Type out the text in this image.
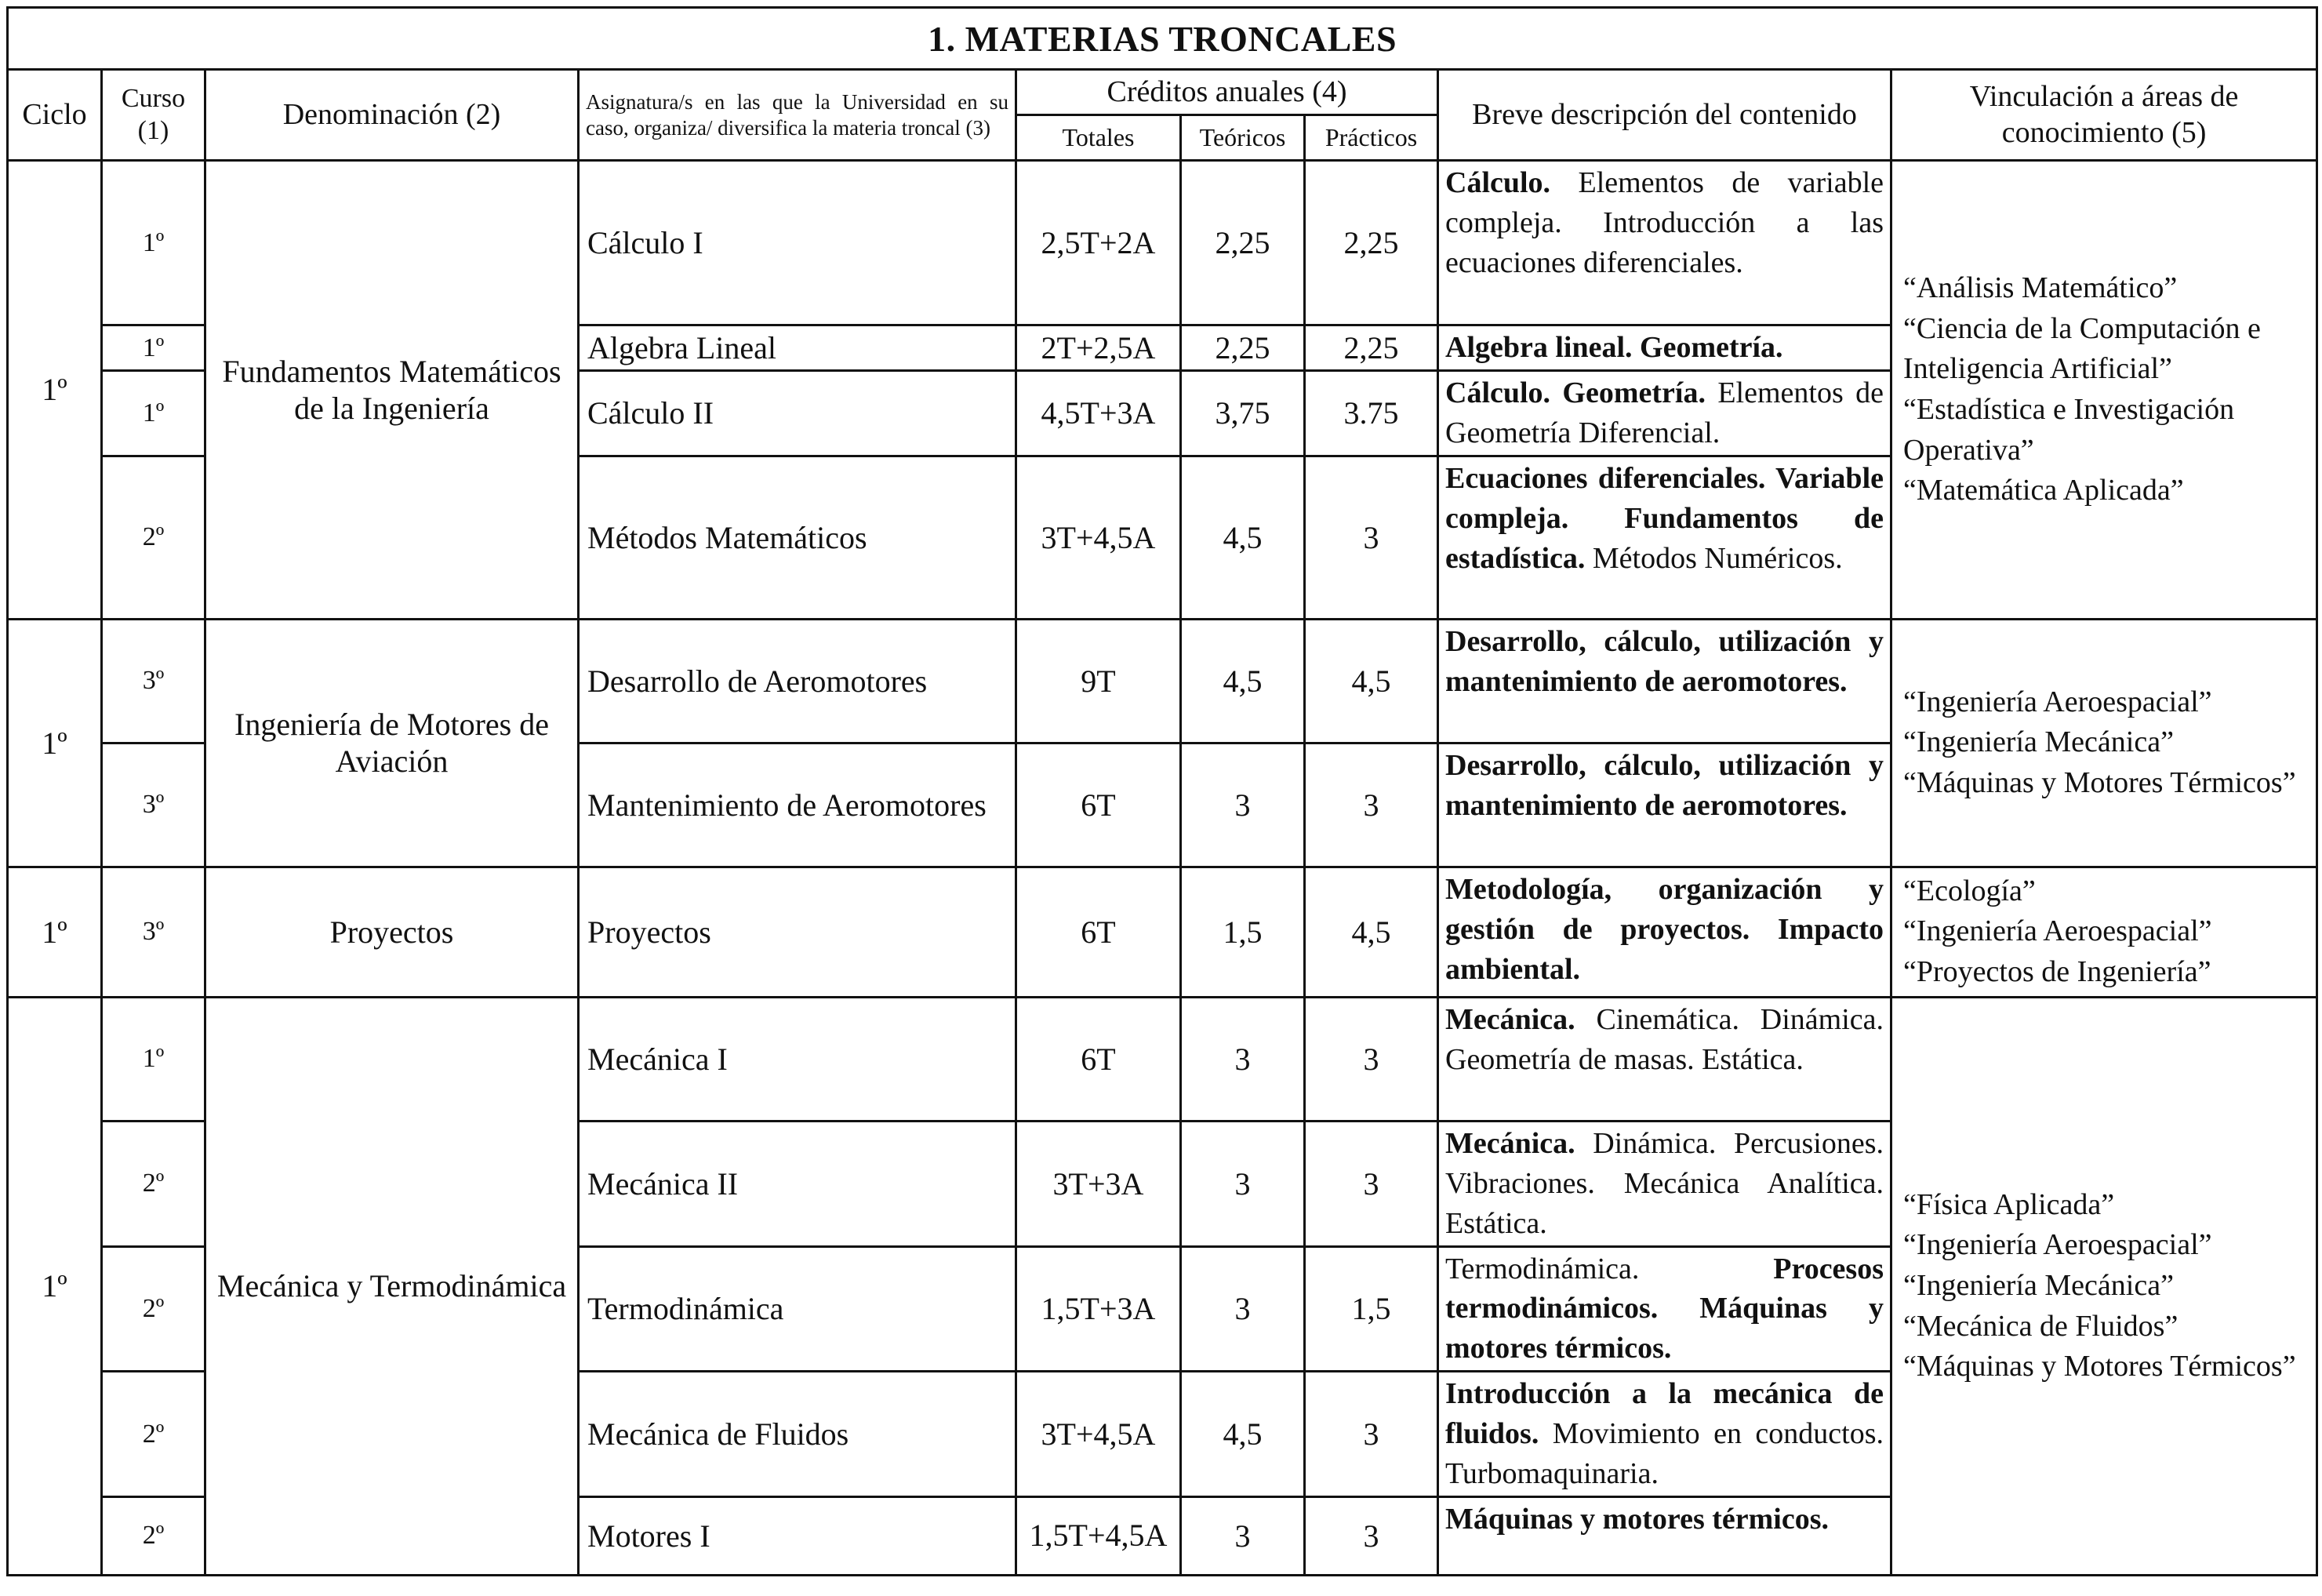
1. MATERIAS TRONCALES								
Ciclo	Curso (1)	Denominación (2)	Asignatura/s en las que la Universidad en su caso, organiza/ diversifica la materia troncal (3)	Créditos anuales (4)			Breve descripción del contenido	Vinculación a áreas de conocimiento (5)
				Totales	Teóricos	Prácticos		
1º	1º	Fundamentos Matemáticos de la Ingeniería	Cálculo I	2,5T+2A	2,25	2,25	Cálculo. Elementos de variable compleja. Introducción a las ecuaciones diferenciales.	“Análisis Matemático”
“Ciencia de la Computación e Inteligencia Artificial”
“Estadística e Investigación Operativa”
“Matemática Aplicada”

	1º		Algebra Lineal	2T+2,5A	2,25	2,25	Algebra lineal. Geometría.	
	1º		Cálculo II	4,5T+3A	3,75	3.75	Cálculo. Geometría. Elementos de Geometría Diferencial.	
	2º		Métodos Matemáticos	3T+4,5A	4,5	3	Ecuaciones diferenciales. Variable compleja. Fundamentos de estadística. Métodos Numéricos.	
1º	3º	Ingeniería de Motores de Aviación	Desarrollo de Aeromotores	9T	4,5	4,5	Desarrollo, cálculo, utilización y mantenimiento de aeromotores.	“Ingeniería Aeroespacial”
“Ingeniería Mecánica”
“Máquinas y Motores Térmicos”

	3º		Mantenimiento de Aeromotores	6T	3	3	Desarrollo, cálculo, utilización y mantenimiento de aeromotores.	
1º	3º	Proyectos	Proyectos	6T	1,5	4,5	Metodología, organización y gestión de proyectos. Impacto ambiental.	“Ecología”
“Ingeniería Aeroespacial”
“Proyectos de Ingeniería”

1º	1º	Mecánica y Termodinámica	Mecánica I	6T	3	3	Mecánica. Cinemática. Dinámica. Geometría de masas. Estática.	“Física Aplicada”
“Ingeniería Aeroespacial”
“Ingeniería Mecánica”
“Mecánica de Fluidos”
“Máquinas y Motores Térmicos”

	2º		Mecánica II	3T+3A	3	3	Mecánica. Dinámica. Percusiones. Vibraciones. Mecánica Analítica. Estática.	
	2º		Termodinámica	1,5T+3A	3	1,5	Termodinámica. Procesos termodinámicos. Máquinas y motores térmicos.	
	2º		Mecánica de Fluidos	3T+4,5A	4,5	3	Introducción a la mecánica de fluidos. Movimiento en conductos. Turbomaquinaria.	
	2º		Motores I	1,5T+4,5A	3	3	Máquinas y motores térmicos.	
